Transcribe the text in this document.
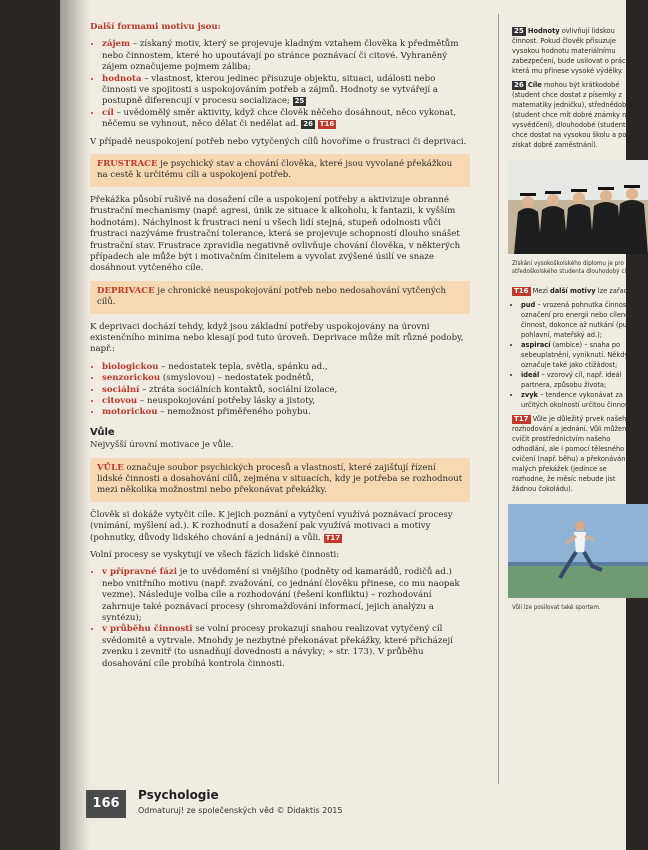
Další formami motivu jsou:

• zájem – získaný motiv, který se projevuje kladným vztahem člověka k předmětům nebo činnostem, které ho upoutávají po stránce poznávací či citové. Vyhraněný zájem označujeme pojmem záliba;
• hodnota – vlastnost, kterou jedinec přisuzuje objektu, situaci, události nebo činnosti ve spojitosti s uspokojováním potřeb a zájmů. Hodnoty se vytvářejí a postupně diferencují v procesu socializace; 25
• cíl – uvědomělý směr aktivity, když chce člověk něčeho dosáhnout, něco vykonat, něčemu se vyhnout, něco dělat či nedělat ad. 26 T16

V případě neuspokojení potřeb nebo vytyčených cílů hovoříme o frustraci či deprivaci.

FRUSTRACE je psychický stav a chování člověka, které jsou vyvolané překážkou na cestě k určitému cíli a uspokojení potřeb.

Překážka působí rušivě na dosažení cíle a uspokojení potřeby a aktivizuje obranné frustrační mechanismy (např. agresi, únik ze situace k alkoholu, k fantazii, k vyšším hodnotám). Náchylnost k frustraci není u všech lidí stejná, stupeň odolnosti vůči frustraci nazýváme frustrační tolerance, která se projevuje schopností dlouho snášet frustrační stav. Frustrace zpravidla negativně ovlivňuje chování člověka, v některých případech ale může být i motivačním činitelem a vyvolat zvýšené úsilí ve snaze dosáhnout vytčeného cíle.

DEPRIVACE je chronické neuspokojování potřeb nebo nedosahování vytčených cílů.

K deprivaci dochází tehdy, když jsou základní potřeby uspokojovány na úrovni existenčního minima nebo klesají pod tuto úroveň. Deprivace může mít různé podoby, např.:

• biologickou – nedostatek tepla, světla, spánku ad.,
• senzorickou (smyslovou) – nedostatek podnětů,
• sociální – ztráta sociálních kontaktů, sociální izolace,
• citovou – neuspokojování potřeby lásky a jistoty,
• motorickou – nemožnost přiměřeného pohybu.
Vůle

Nejvyšší úrovní motivace je vůle.

VŮLE označuje soubor psychických procesů a vlastností, které zajišťují řízení lidské činnosti a dosahování cílů, zejména v situacích, kdy je potřeba se rozhodnout mezi několika možnostmi nebo překonávat překážky.

Člověk si dokáže vytyčit cíle. K jejich poznání a vytyčení využívá poznávací procesy (vnímání, myšlení ad.). K rozhodnutí a dosažení pak využívá motivaci a motivy (pohnutky, důvody lidského chování a jednání) a vůli. T17

Volní procesy se vyskytují ve všech fázích lidské činnosti:

• v přípravné fázi je to uvědomění si vnějšího (podněty od kamarádů, rodičů ad.) nebo vnitřního motivu (např. zvažování, co jednání člověku přinese, co mu naopak vezme). Následuje volba cíle a rozhodování (řešení konfliktu) – rozhodování zahrnuje také poznávací procesy (shromažďování informací, jejich analýzu a syntézu);
• v průběhu činnosti se volní procesy prokazují snahou realizovat vytyčený cíl svědomitě a vytrvale. Mnohdy je nezbytné překonávat překážky, které přicházejí zvenku i zevnitř (to usnadňují dovednosti a návyky; » str. 173). V průběhu dosahování cíle probíhá kontrola činnosti.

25 Hodnoty ovlivňují lidskou činnost. Pokud člověk přisuzuje vysokou hodnotu materiálnímu zabezpečení, bude usilovat o práci, která mu přinese vysoké výdělky.

26 Cíle mohou být krátkodobé (student chce dostat z písemky z matematiky jedničku), střednědobé (student chce mít dobré známky na vysvědčení), dlouhodobé (student se chce dostat na vysokou školu a poté získat dobré zaměstnání).

Získání vysokoškolského diplomu je pro středoškolského studenta dlouhodobý cíl.

T16 Mezi další motivy lze zařadit:

• pud – vrozená pohnutka činnosti, označení pro energii nebo cílenou činnost, dokonce až nutkání (pud pohlavní, mateřský ad.);
• aspirací (ambice) – snaha po sebeuplatnění, vyniknutí. Někdy se označuje také jako ctižádost;
• ideál – vzorový cíl, např. ideál partnera, způsobu života;
• zvyk – tendence vykonávat za určitých okolností určitou činnost.

T17 Vůle je důležitý prvek našeho rozhodování a jednání. Vůli můžeme cvičit prostřednictvím našeho odhodlání, ale i pomocí tělesného cvičení (např. běhu) a překonávání malých překážek (jedince se rozhodne, že měsíc nebude jíst žádnou čokoládu).

Vůli lze posilovat také sportem.
166
Psychologie
Odmaturuj! ze společenských věd © Didaktis 2015
